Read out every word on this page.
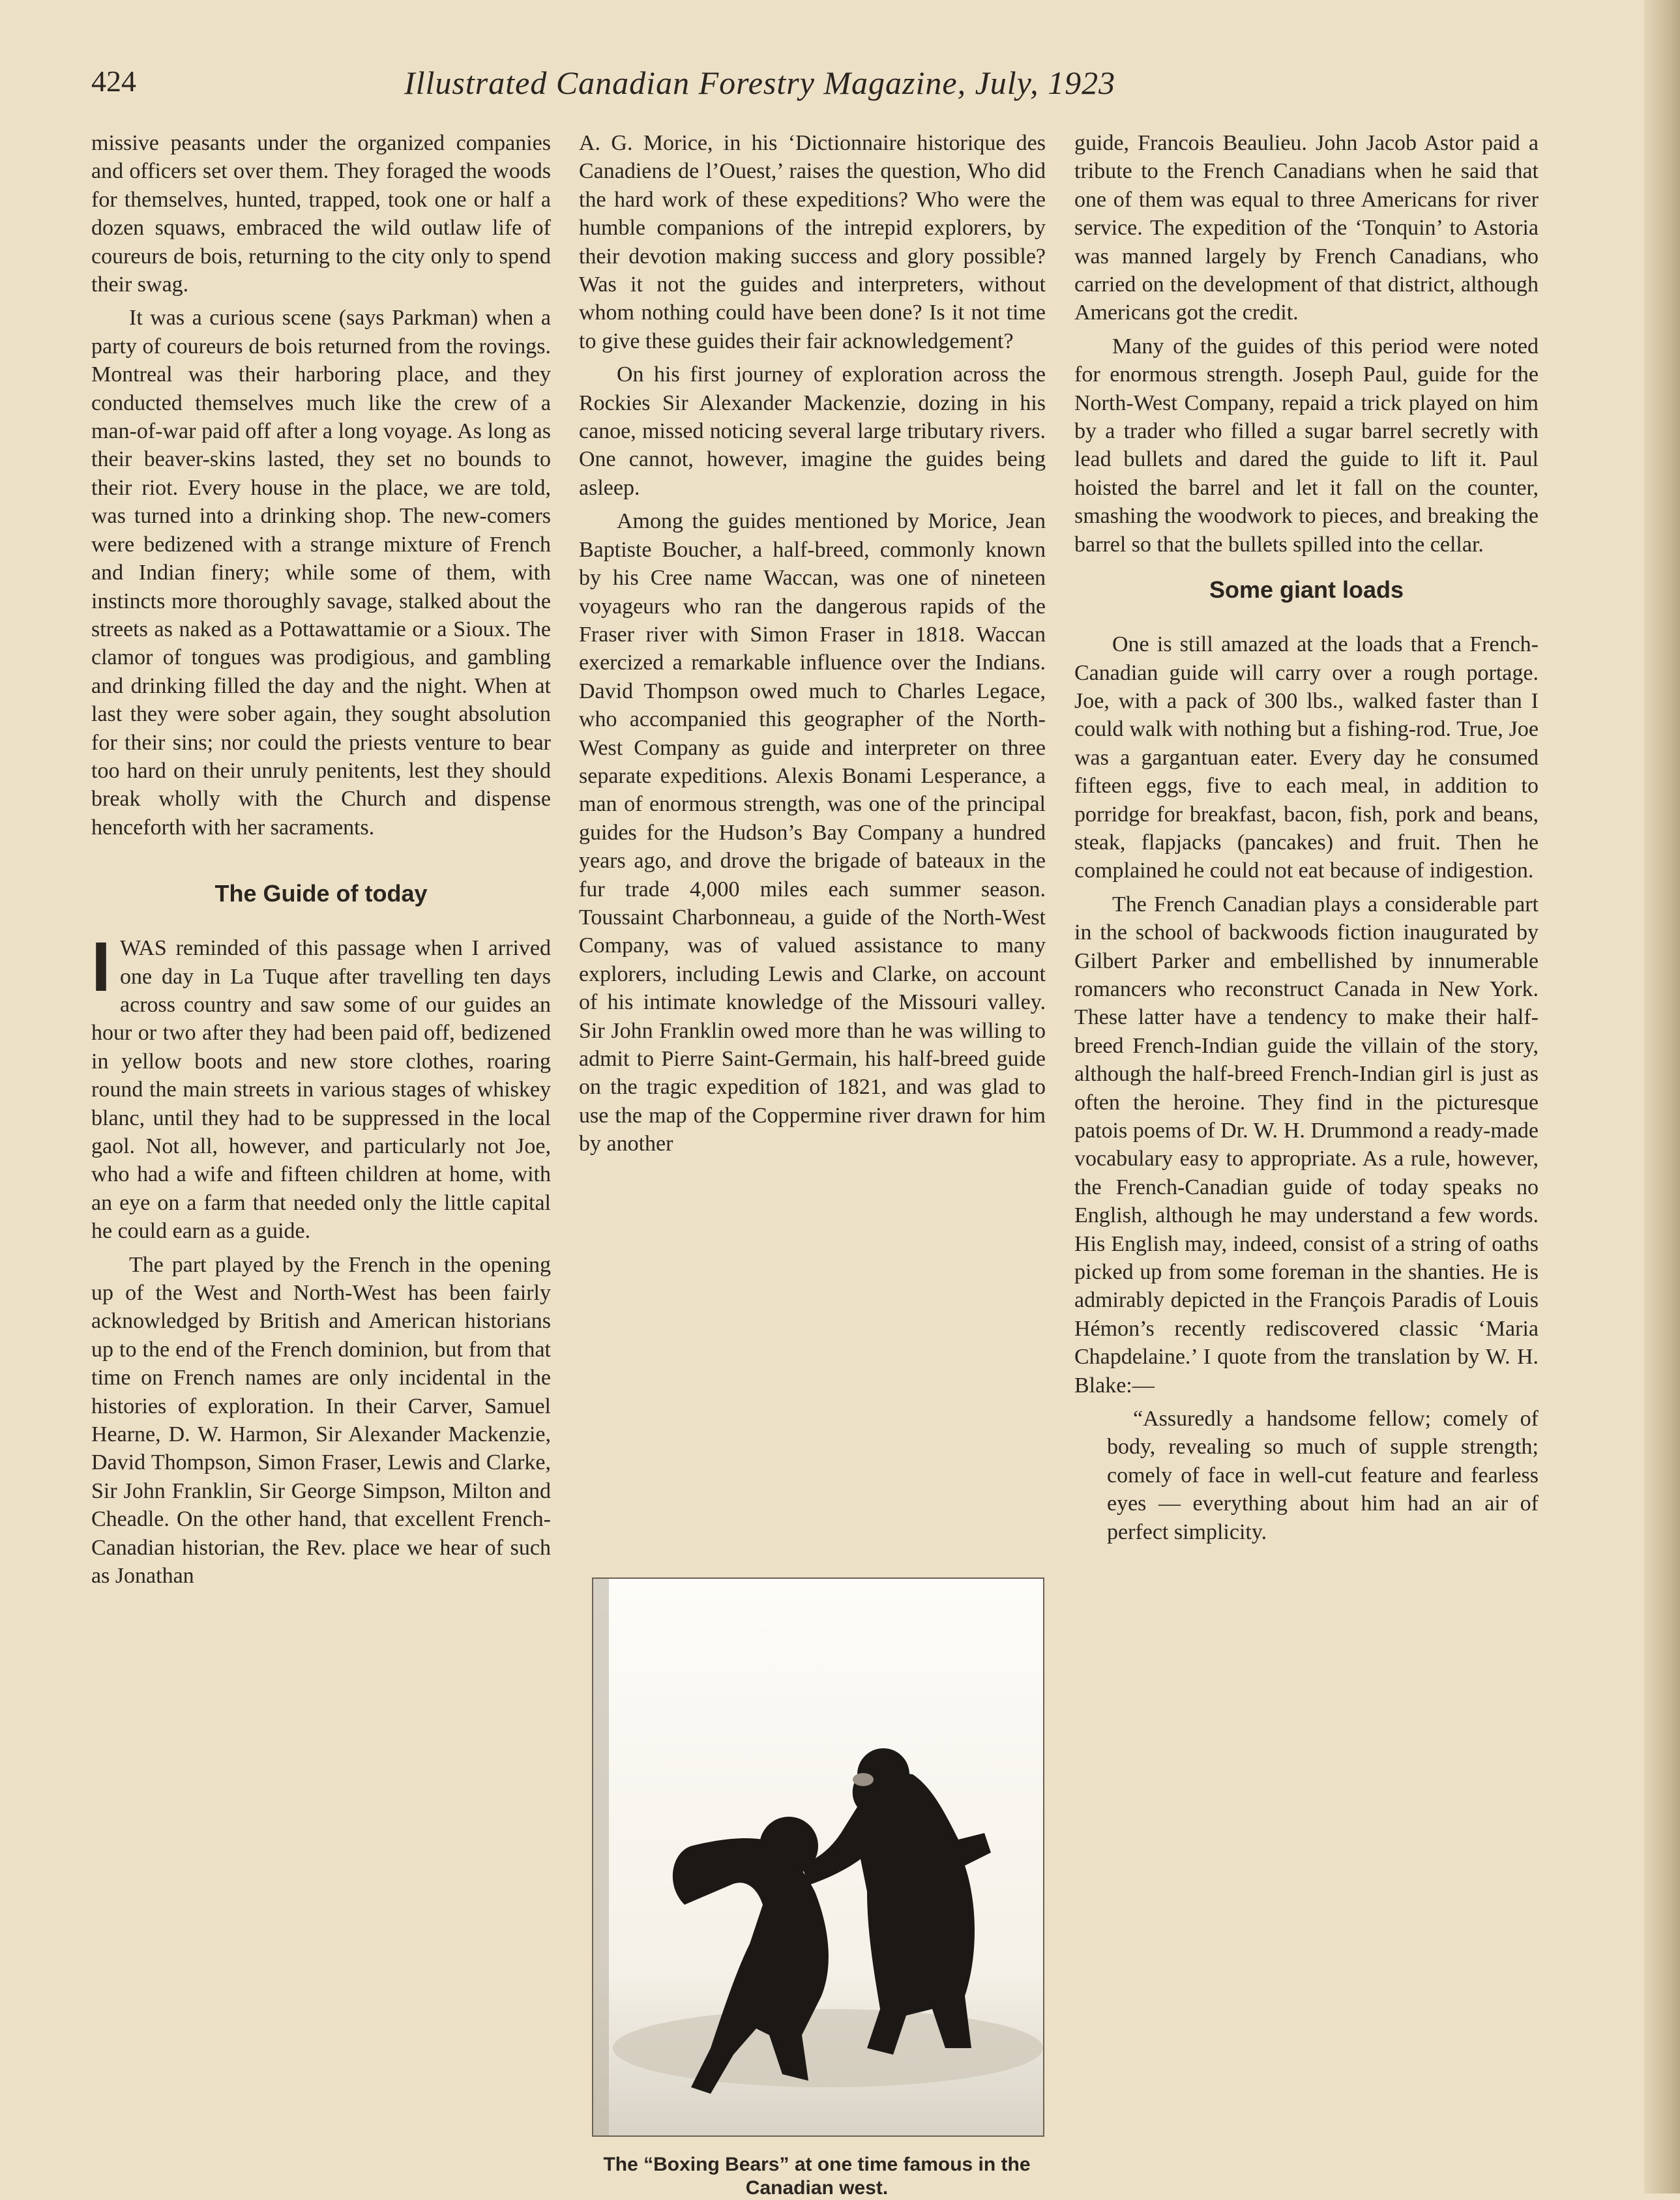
424	Illustrated Canadian Forestry Magazine, July, 1923

missive peasants under the organized companies and officers set over them. They foraged the woods for themselves, hunted, trapped, took one or half a dozen squaws, embraced the wild outlaw life of coureurs de bois, returning to the city only to spend their swag.

It was a curious scene (says Parkman) when a party of coureurs de bois returned from the rovings. Montreal was their harboring place, and they conducted themselves much like the crew of a man-of-war paid off after a long voyage. As long as their beaver-skins lasted, they set no bounds to their riot. Every house in the place, we are told, was turned into a drinking shop. The new-comers were bedizened with a strange mixture of French and Indian finery; while some of them, with instincts more thoroughly savage, stalked about the streets as naked as a Pottawattamie or a Sioux. The clamor of tongues was prodigious, and gambling and drinking filled the day and the night. When at last they were sober again, they sought absolution for their sins; nor could the priests venture to bear too hard on their unruly penitents, lest they should break wholly with the Church and dispense henceforth with her sacraments.

The Guide of today

IWAS reminded of this passage when I arrived one day in La Tuque after travelling ten days across country and saw some of our guides an hour or two after they had been paid off, bedizened in yellow boots and new store clothes, roaring round the main streets in various stages of whiskey blanc, until they had to be suppressed in the local gaol. Not all, however, and particularly not Joe, who had a wife and fifteen children at home, with an eye on a farm that needed only the little capital he could earn as a guide.

The part played by the French in the opening up of the West and North-West has been fairly acknowledged by British and American historians up to the end of the French dominion, but from that time on French names are only incidental in the histories of exploration. In their Carver, Samuel Hearne, D. W. Harmon, Sir Alexander Mackenzie, David Thompson, Simon Fraser, Lewis and Clarke, Sir John Franklin, Sir George Simpson, Milton and Cheadle. On the other hand, that excellent French-Canadian historian, the Rev. place we hear of such as Jonathan

A. G. Morice, in his ‘Dictionnaire historique des Canadiens de l’Ouest,’ raises the question, Who did the hard work of these expeditions? Who were the humble companions of the intrepid explorers, by their devotion making success and glory possible? Was it not the guides and interpreters, without whom nothing could have been done? Is it not time to give these guides their fair acknowledgement?

On his first journey of exploration across the Rockies Sir Alexander Mackenzie, dozing in his canoe, missed noticing several large tributary rivers. One cannot, however, imagine the guides being asleep.

Among the guides mentioned by Morice, Jean Baptiste Boucher, a half-breed, commonly known by his Cree name Waccan, was one of nineteen voyageurs who ran the dangerous rapids of the Fraser river with Simon Fraser in 1818. Waccan exercized a remarkable influence over the Indians. David Thompson owed much to Charles Legace, who accompanied this geographer of the North-West Company as guide and interpreter on three separate expeditions. Alexis Bonami Lesperance, a man of enormous strength, was one of the principal guides for the Hudson’s Bay Company a hundred years ago, and drove the brigade of bateaux in the fur trade 4,000 miles each summer season. Toussaint Charbonneau, a guide of the North-West Company, was of valued assistance to many explorers, including Lewis and Clarke, on account of his intimate knowledge of the Missouri valley. Sir John Franklin owed more than he was willing to admit to Pierre Saint-Germain, his half-breed guide on the tragic expedition of 1821, and was glad to use the map of the Coppermine river drawn for him by another

The “Boxing Bears” at one time famous in the Canadian west.

guide, Francois Beaulieu. John Jacob Astor paid a tribute to the French Canadians when he said that one of them was equal to three Americans for river service. The expedition of the ‘Tonquin’ to Astoria was manned largely by French Canadians, who carried on the development of that district, although Americans got the credit.

Many of the guides of this period were noted for enormous strength. Joseph Paul, guide for the North-West Company, repaid a trick played on him by a trader who filled a sugar barrel secretly with lead bullets and dared the guide to lift it. Paul hoisted the barrel and let it fall on the counter, smashing the woodwork to pieces, and breaking the barrel so that the bullets spilled into the cellar.

Some giant loads

One is still amazed at the loads that a French-Canadian guide will carry over a rough portage. Joe, with a pack of 300 lbs., walked faster than I could walk with nothing but a fishing-rod. True, Joe was a gargantuan eater. Every day he consumed fifteen eggs, five to each meal, in addition to porridge for breakfast, bacon, fish, pork and beans, steak, flapjacks (pancakes) and fruit. Then he complained he could not eat because of indigestion.

The French Canadian plays a considerable part in the school of backwoods fiction inaugurated by Gilbert Parker and embellished by innumerable romancers who reconstruct Canada in New York. These latter have a tendency to make their half-breed French-Indian guide the villain of the story, although the half-breed French-Indian girl is just as often the heroine. They find in the picturesque patois poems of Dr. W. H. Drummond a ready-made vocabulary easy to appropriate. As a rule, however, the French-Canadian guide of today speaks no English, although he may understand a few words. His English may, indeed, consist of a string of oaths picked up from some foreman in the shanties. He is admirably depicted in the François Paradis of Louis Hémon’s recently rediscovered classic ‘Maria Chapdelaine.’ I quote from the translation by W. H. Blake:—

“Assuredly a handsome fellow; comely of body, revealing so much of supple strength; comely of face in well-cut feature and fearless eyes — everything about him had an air of perfect simplicity.
